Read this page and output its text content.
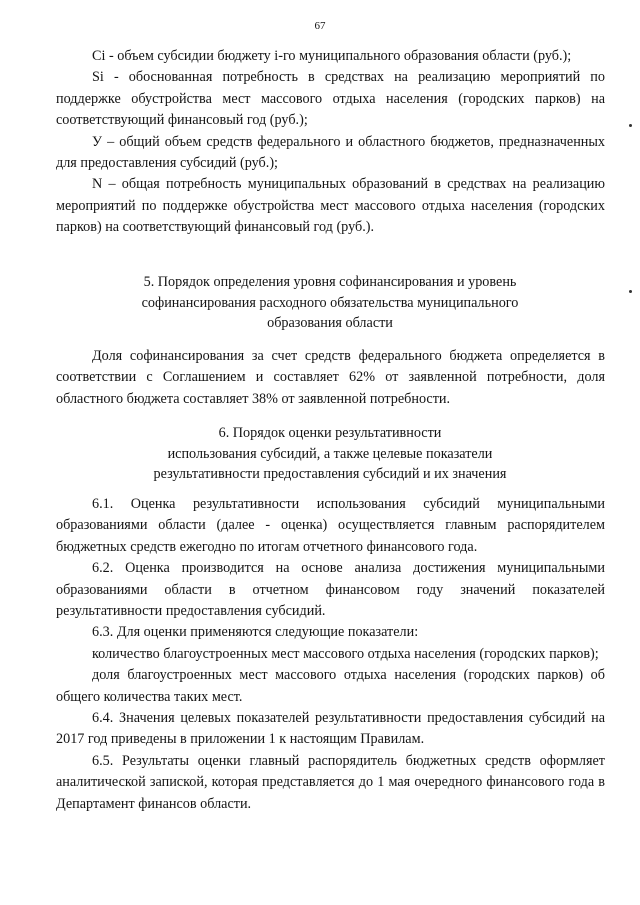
67

Ci - объем субсидии бюджету i-го муниципального образования области (руб.);

Si - обоснованная потребность в средствах на реализацию мероприятий по поддержке обустройства мест массового отдыха населения (городских парков) на соответствующий финансовый год (руб.);

У – общий объем средств федерального и областного бюджетов, предназначенных для предоставления субсидий (руб.);

N – общая потребность муниципальных образований в средствах на реализацию мероприятий по поддержке обустройства мест массового отдыха населения (городских парков) на соответствующий финансовый год (руб.).

5. Порядок определения уровня софинансирования и уровень
софинансирования расходного обязательства муниципального
образования области

Доля софинансирования за счет средств федерального бюджета определяется в соответствии с Соглашением и составляет 62% от заявленной потребности, доля областного бюджета составляет 38% от заявленной потребности.

6. Порядок оценки результативности
использования субсидий, а также целевые показатели
результативности предоставления субсидий и их значения

6.1. Оценка результативности использования субсидий муниципальными образованиями области (далее - оценка) осуществляется главным распорядителем бюджетных средств ежегодно по итогам отчетного финансового года.

6.2. Оценка производится на основе анализа достижения муниципальными образованиями области в отчетном финансовом году значений показателей результативности предоставления субсидий.

6.3. Для оценки применяются следующие показатели:

количество благоустроенных мест массового отдыха населения (городских парков);

доля благоустроенных мест массового отдыха населения (городских парков) об общего количества таких мест.

6.4. Значения целевых показателей результативности предоставления субсидий на 2017 год приведены в приложении 1 к настоящим Правилам.

6.5. Результаты оценки главный распорядитель бюджетных средств оформляет аналитической запиской, которая представляется до 1 мая очередного финансового года в Департамент финансов области.
